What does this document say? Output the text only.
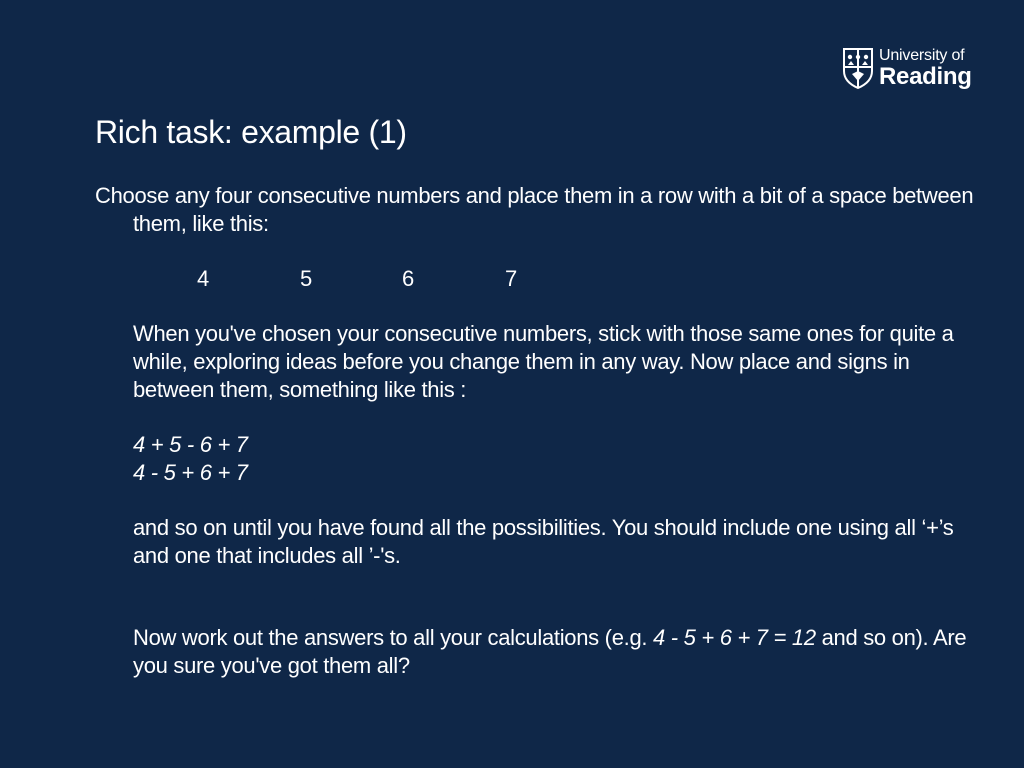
University of
Reading
Rich task: example (1)

Choose any four consecutive numbers and place them in a row with a bit of a space between them, like this:

4	5	6	7

When you've chosen your consecutive numbers, stick with those same ones for quite a while, exploring ideas before you change them in any way. Now place and signs in between them, something like this :

4 + 5 - 6 + 7

4 - 5 + 6 + 7

and so on until you have found all the possibilities. You should include one using all ‘+’s and one that includes all ’-'s.

Now work out the answers to all your calculations (e.g. 4 - 5 + 6 + 7 = 12 and so on). Are you sure you've got them all?
